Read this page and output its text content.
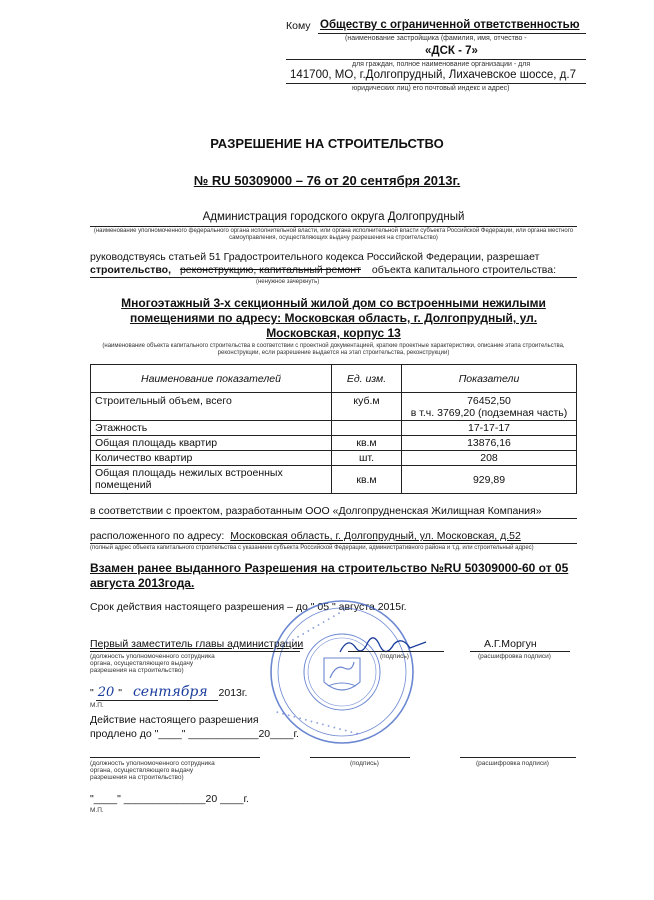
Кому Обществу с ограниченной ответственностью
(наименование застройщика (фамилия, имя, отчество -
«ДСК - 7»
для граждан, полное наименование организации - для
141700, МО, г.Долгопрудный, Лихачевское шоссе, д.7
юридических лиц) его почтовый индекс и адрес)
РАЗРЕШЕНИЕ НА СТРОИТЕЛЬСТВО
№ RU 50309000 – 76 от 20 сентября 2013г.
Администрация городского округа Долгопрудный
(наименование уполномоченного федерального органа исполнительной власти, или органа исполнительной власти субъекта Российской Федерации, или органа местного самоуправления, осуществляющих выдачу разрешения на строительство)
руководствуясь статьей 51 Градостроительного кодекса Российской Федерации, разрешает
строительство, реконструкцию, капитальный ремонт объекта капитального строительства:
(ненужное зачеркнуть)
Многоэтажный 3-х секционный жилой дом со встроенными нежилыми
помещениями по адресу: Московская область, г. Долгопрудный, ул.
Московская, корпус 13
(наименование объекта капитального строительства в соответствии с проектной документацией, краткие проектные характеристики, описание этапа строительства, реконструкции, если разрешение выдается на этап строительства, реконструкции)
Наименование показателей	Ед. изм.	Показатели
Строительный объем, всего	куб.м	76452,50
в т.ч. 3769,20 (подземная часть)

Этажность		17-17-17
Общая площадь квартир	кв.м	13876,16
Количество квартир	шт.	208
Общая площадь нежилых встроенных помещений	кв.м	929,89
в соответствии с проектом, разработанным ООО «Долгопрудненская Жилищная Компания»
расположенного по адресу: Московская область, г. Долгопрудный, ул. Московская, д.52
(полный адрес объекта капитального строительства с указанием субъекта Российской Федерации, административного района и т.д. или строительный адрес)
Взамен ранее выданного Разрешения на строительство №RU 50309000-60 от 05
августа 2013года.
Срок действия настоящего разрешения – до " 05 " августа 2015г.
• • • • • • • • • • • • • •
• • • • • • • • • • • • • • •
Первый заместитель главы администрации
(должность уполномоченного сотрудника
органа, осуществляющего выдачу
разрешения на строительство)
(подпись)
А.Г.Моргун
(расшифровка подписи)
" 20 " сентября 2013г.
М.П.
Действие настоящего разрешения
продлено до "____" ____________20____г.
(должность уполномоченного сотрудника
органа, осуществляющего выдачу
разрешения на строительство)
(подпись)	(расшифровка подписи)
"____" ______________20 ____г.
М.П.
